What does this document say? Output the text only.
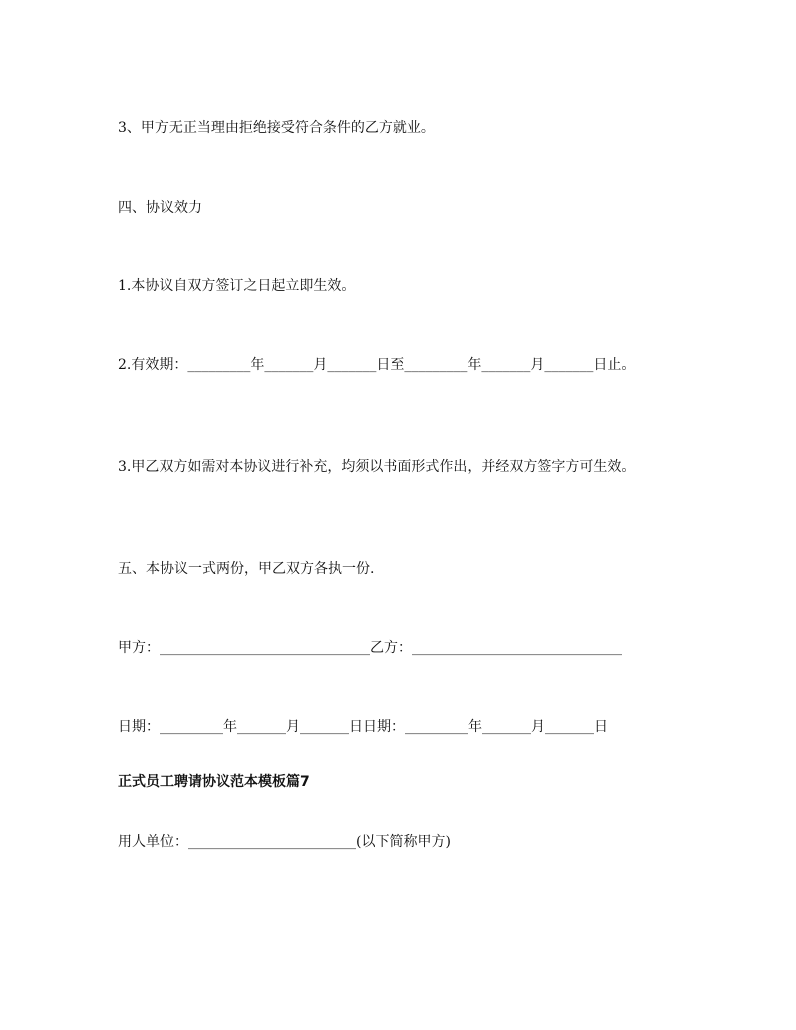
3、甲方无正当理由拒绝接受符合条件的乙方就业。
四、协议效力
1.本协议自双方签订之日起立即生效。
2.有效期：_________年_______月_______日至_________年_______月_______日止。
3.甲乙双方如需对本协议进行补充，均须以书面形式作出，并经双方签字方可生效。
五、本协议一式两份，甲乙双方各执一份.
甲方：______________________________乙方：______________________________
日期：_________年_______月_______日日期：_________年_______月_______日
正式员工聘请协议范本模板篇7
用人单位：________________________(以下简称甲方)
